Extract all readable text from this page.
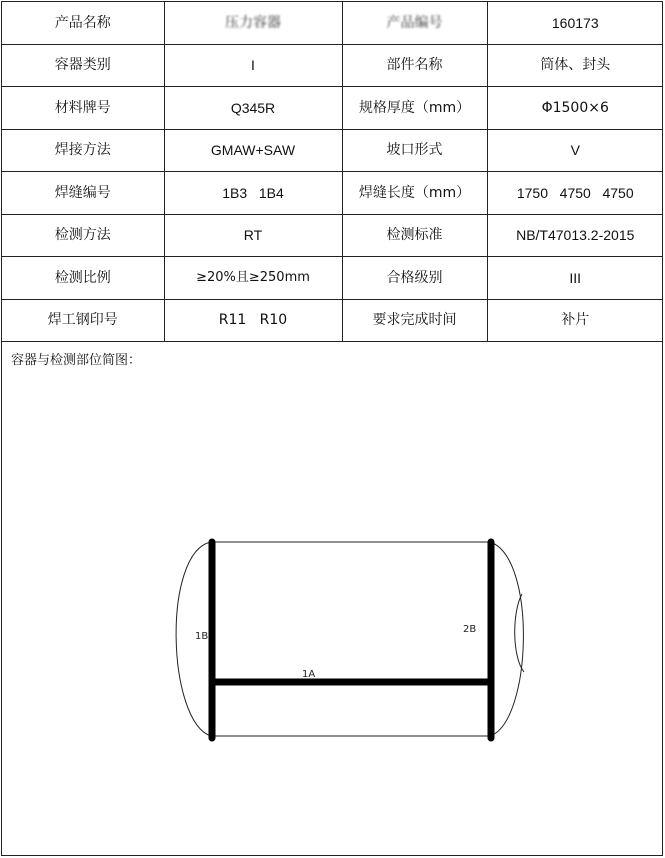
产品名称	压力容器	产品编号	160173
容器类别	I	部件名称	筒体、封头
材料牌号	Q345R	规格厚度（mm）	Φ1500×6
焊接方法	GMAW+SAW	坡口形式	V
焊缝编号	1B3   1B4	焊缝长度（mm）	1750   4750   4750
检测方法	RT	检测标准	NB/T47013.2-2015
检测比例	≥20%且≥250mm	合格级别	III
焊工钢印号	R11   R10	要求完成时间	补片
容器与检测部位简图：
1B
2B
1A
